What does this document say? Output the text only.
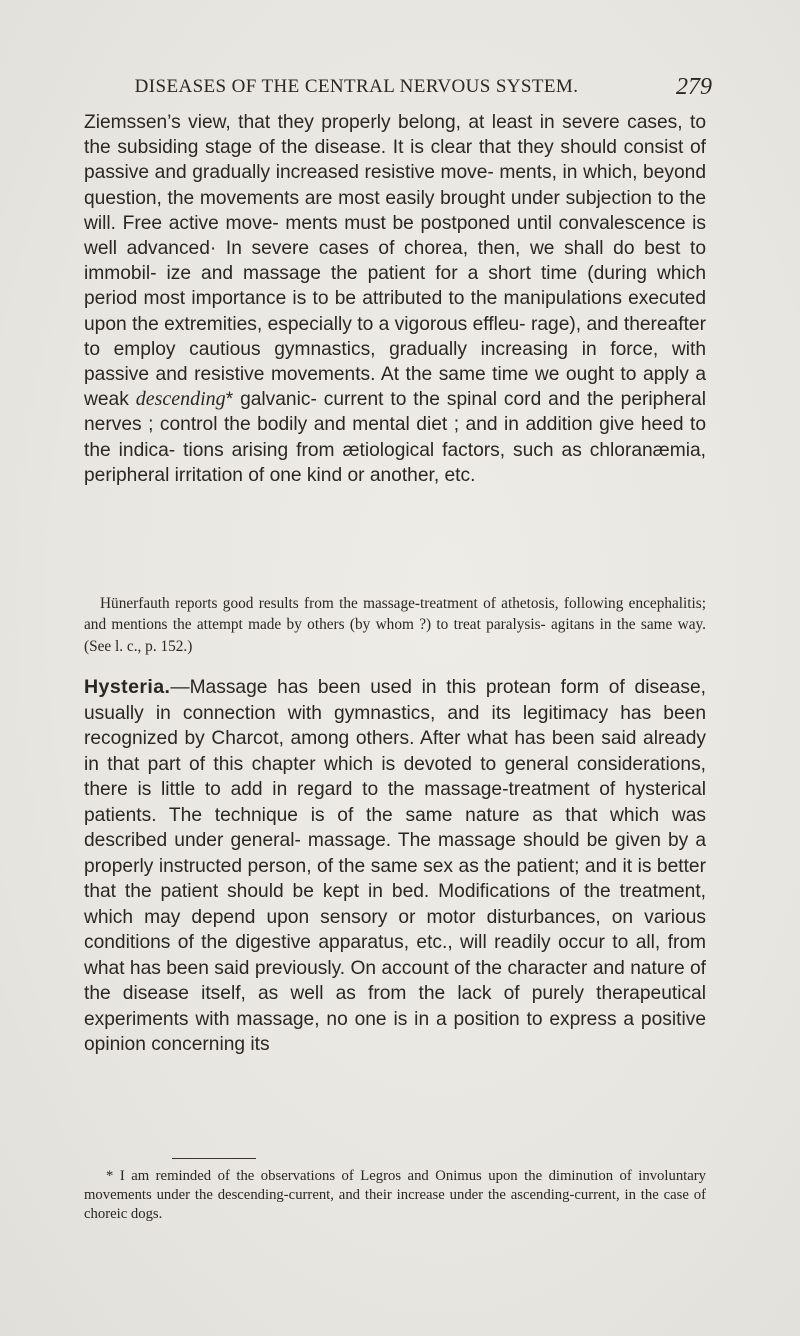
DISEASES OF THE CENTRAL NERVOUS SYSTEM.	279

Ziemssen’s view, that they properly belong, at least in severe cases, to the subsiding stage of the disease. It is clear that they should consist of passive and gradually increased resistive move- ments, in which, beyond question, the movements are most easily brought under subjection to the will. Free active move- ments must be postponed until convalescence is well advanced· In severe cases of chorea, then, we shall do best to immobil- ize and massage the patient for a short time (during which period most importance is to be attributed to the manipulations executed upon the extremities, especially to a vigorous effleu- rage), and thereafter to employ cautious gymnastics, gradually increasing in force, with passive and resistive movements. At the same time we ought to apply a weak descending* galvanic- current to the spinal cord and the peripheral nerves ; control the bodily and mental diet ; and in addition give heed to the indica- tions arising from ætiological factors, such as chloranæmia, peripheral irritation of one kind or another, etc.

Hünerfauth reports good results from the massage-treatment of athetosis, following encephalitis; and mentions the attempt made by others (by whom ?) to treat paralysis- agitans in the same way. (See l. c., p. 152.)

Hysteria.—Massage has been used in this protean form of disease, usually in connection with gymnastics, and its legitimacy has been recognized by Charcot, among others. After what has been said already in that part of this chapter which is devoted to general considerations, there is little to add in regard to the massage-treatment of hysterical patients. The technique is of the same nature as that which was described under general- massage. The massage should be given by a properly instructed person, of the same sex as the patient; and it is better that the patient should be kept in bed. Modifications of the treatment, which may depend upon sensory or motor disturbances, on various conditions of the digestive apparatus, etc., will readily occur to all, from what has been said previously. On account of the character and nature of the disease itself, as well as from the lack of purely therapeutical experiments with massage, no one is in a position to express a positive opinion concerning its

* I am reminded of the observations of Legros and Onimus upon the diminution of involuntary movements under the descending-current, and their increase under the ascending-current, in the case of choreic dogs.
